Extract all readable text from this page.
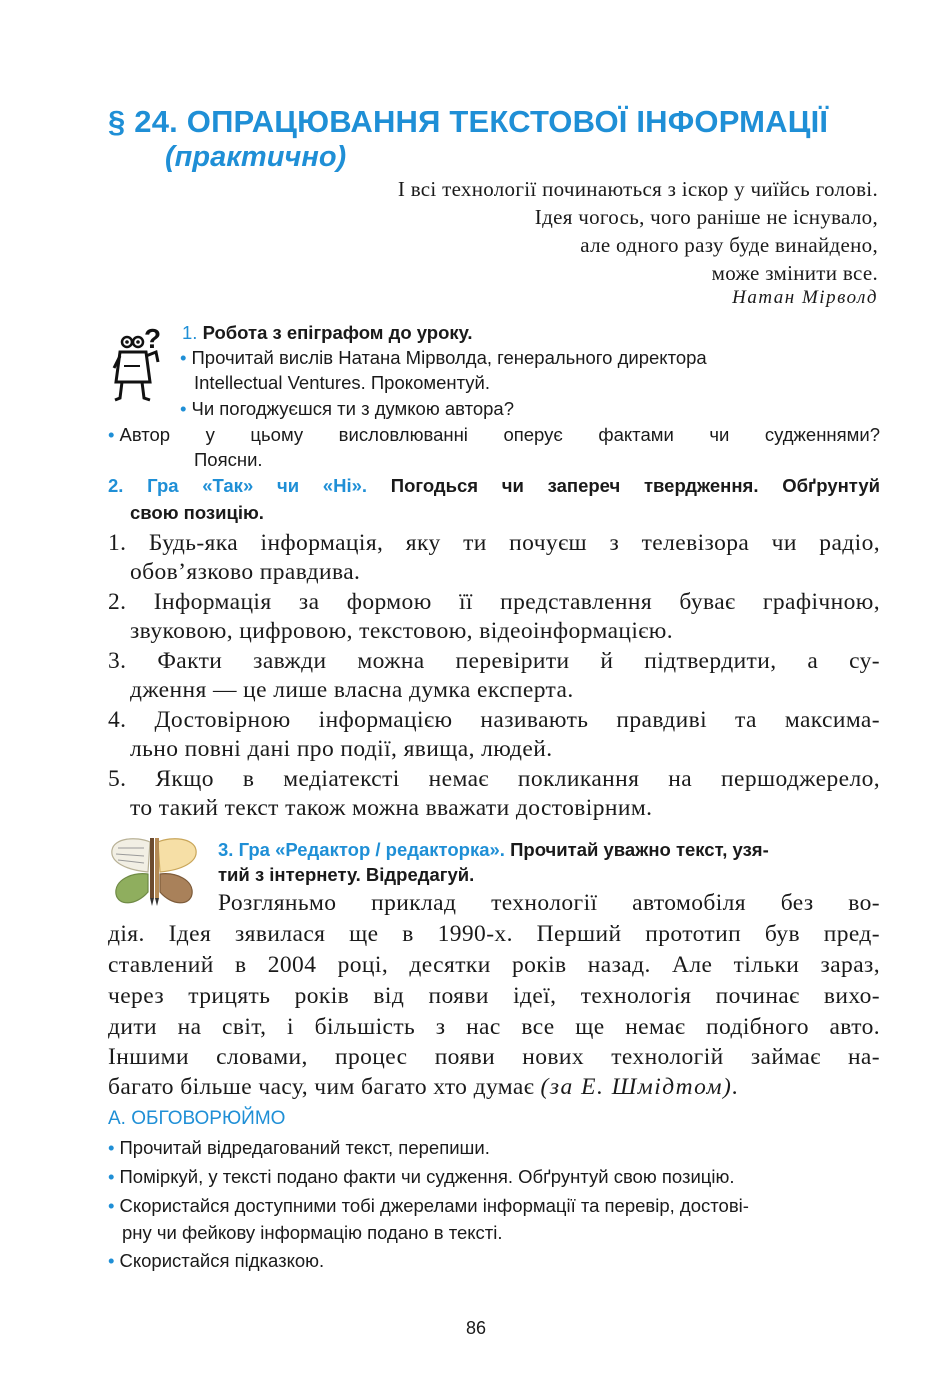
§ 24. ОПРАЦЮВАННЯ ТЕКСТОВОЇ ІНФОРМАЦІЇ
(практично)
І всі технології починаються з іскор у чиїйсь голові.
Ідея чогось, чого раніше не існувало,
але одного разу буде винайдено,
може змінити все.
Натан Мірволд
? 1. Робота з епіграфом до уроку.
• Прочитай вислів Натана Мірволда, генерального директора
Intellectual Ventures. Прокоментуй.
• Чи погоджуєшся ти з думкою автора?
• Автор у цьому висловлюванні оперує фактами чи судженнями?
Поясни.
2. Гра «Так» чи «Ні». Погодься чи запереч твердження. Обґрунтуй
свою позицію.
1. Будь-яка інформація, яку ти почуєш з телевізора чи радіо,
обов’язково правдива.
2. Інформація за формою її представлення буває графічною,
звуковою, цифровою, текстовою, відеоінформацією.
3. Факти завжди можна перевірити й підтвердити, а су-
дження — це лише власна думка експерта.
4. Достовірною інформацією називають правдиві та максима-
льно повні дані про події, явища, людей.
5. Якщо в медіатексті немає покликання на першоджерело,
то такий текст також можна вважати достовірним.
3. Гра «Редактор / редакторка». Прочитай уважно текст, узя-
тий з інтернету. Відредагуй.
Розгляньмо приклад технології автомобіля без во-
дія. Ідея зявилася ще в 1990-х. Перший прототип був пред-
ставлений в 2004 році, десятки років назад. Але тільки зараз,
через трицять років від появи ідеї, технологія починає вихо-
дити на світ, і більшість з нас все ще немає подібного авто.
Іншими словами, процес появи нових технологій займає на-
багато більше часу, чим багато хто думає (за Е. Шмідтом).
А. ОБГОВОРЮЙМО
• Прочитай відредагований текст, перепиши.
• Поміркуй, у тексті подано факти чи судження. Обґрунтуй свою позицію.
• Скористайся доступними тобі джерелами інформації та перевір, достові-
рну чи фейкову інформацію подано в тексті.
• Скористайся підказкою.
86
